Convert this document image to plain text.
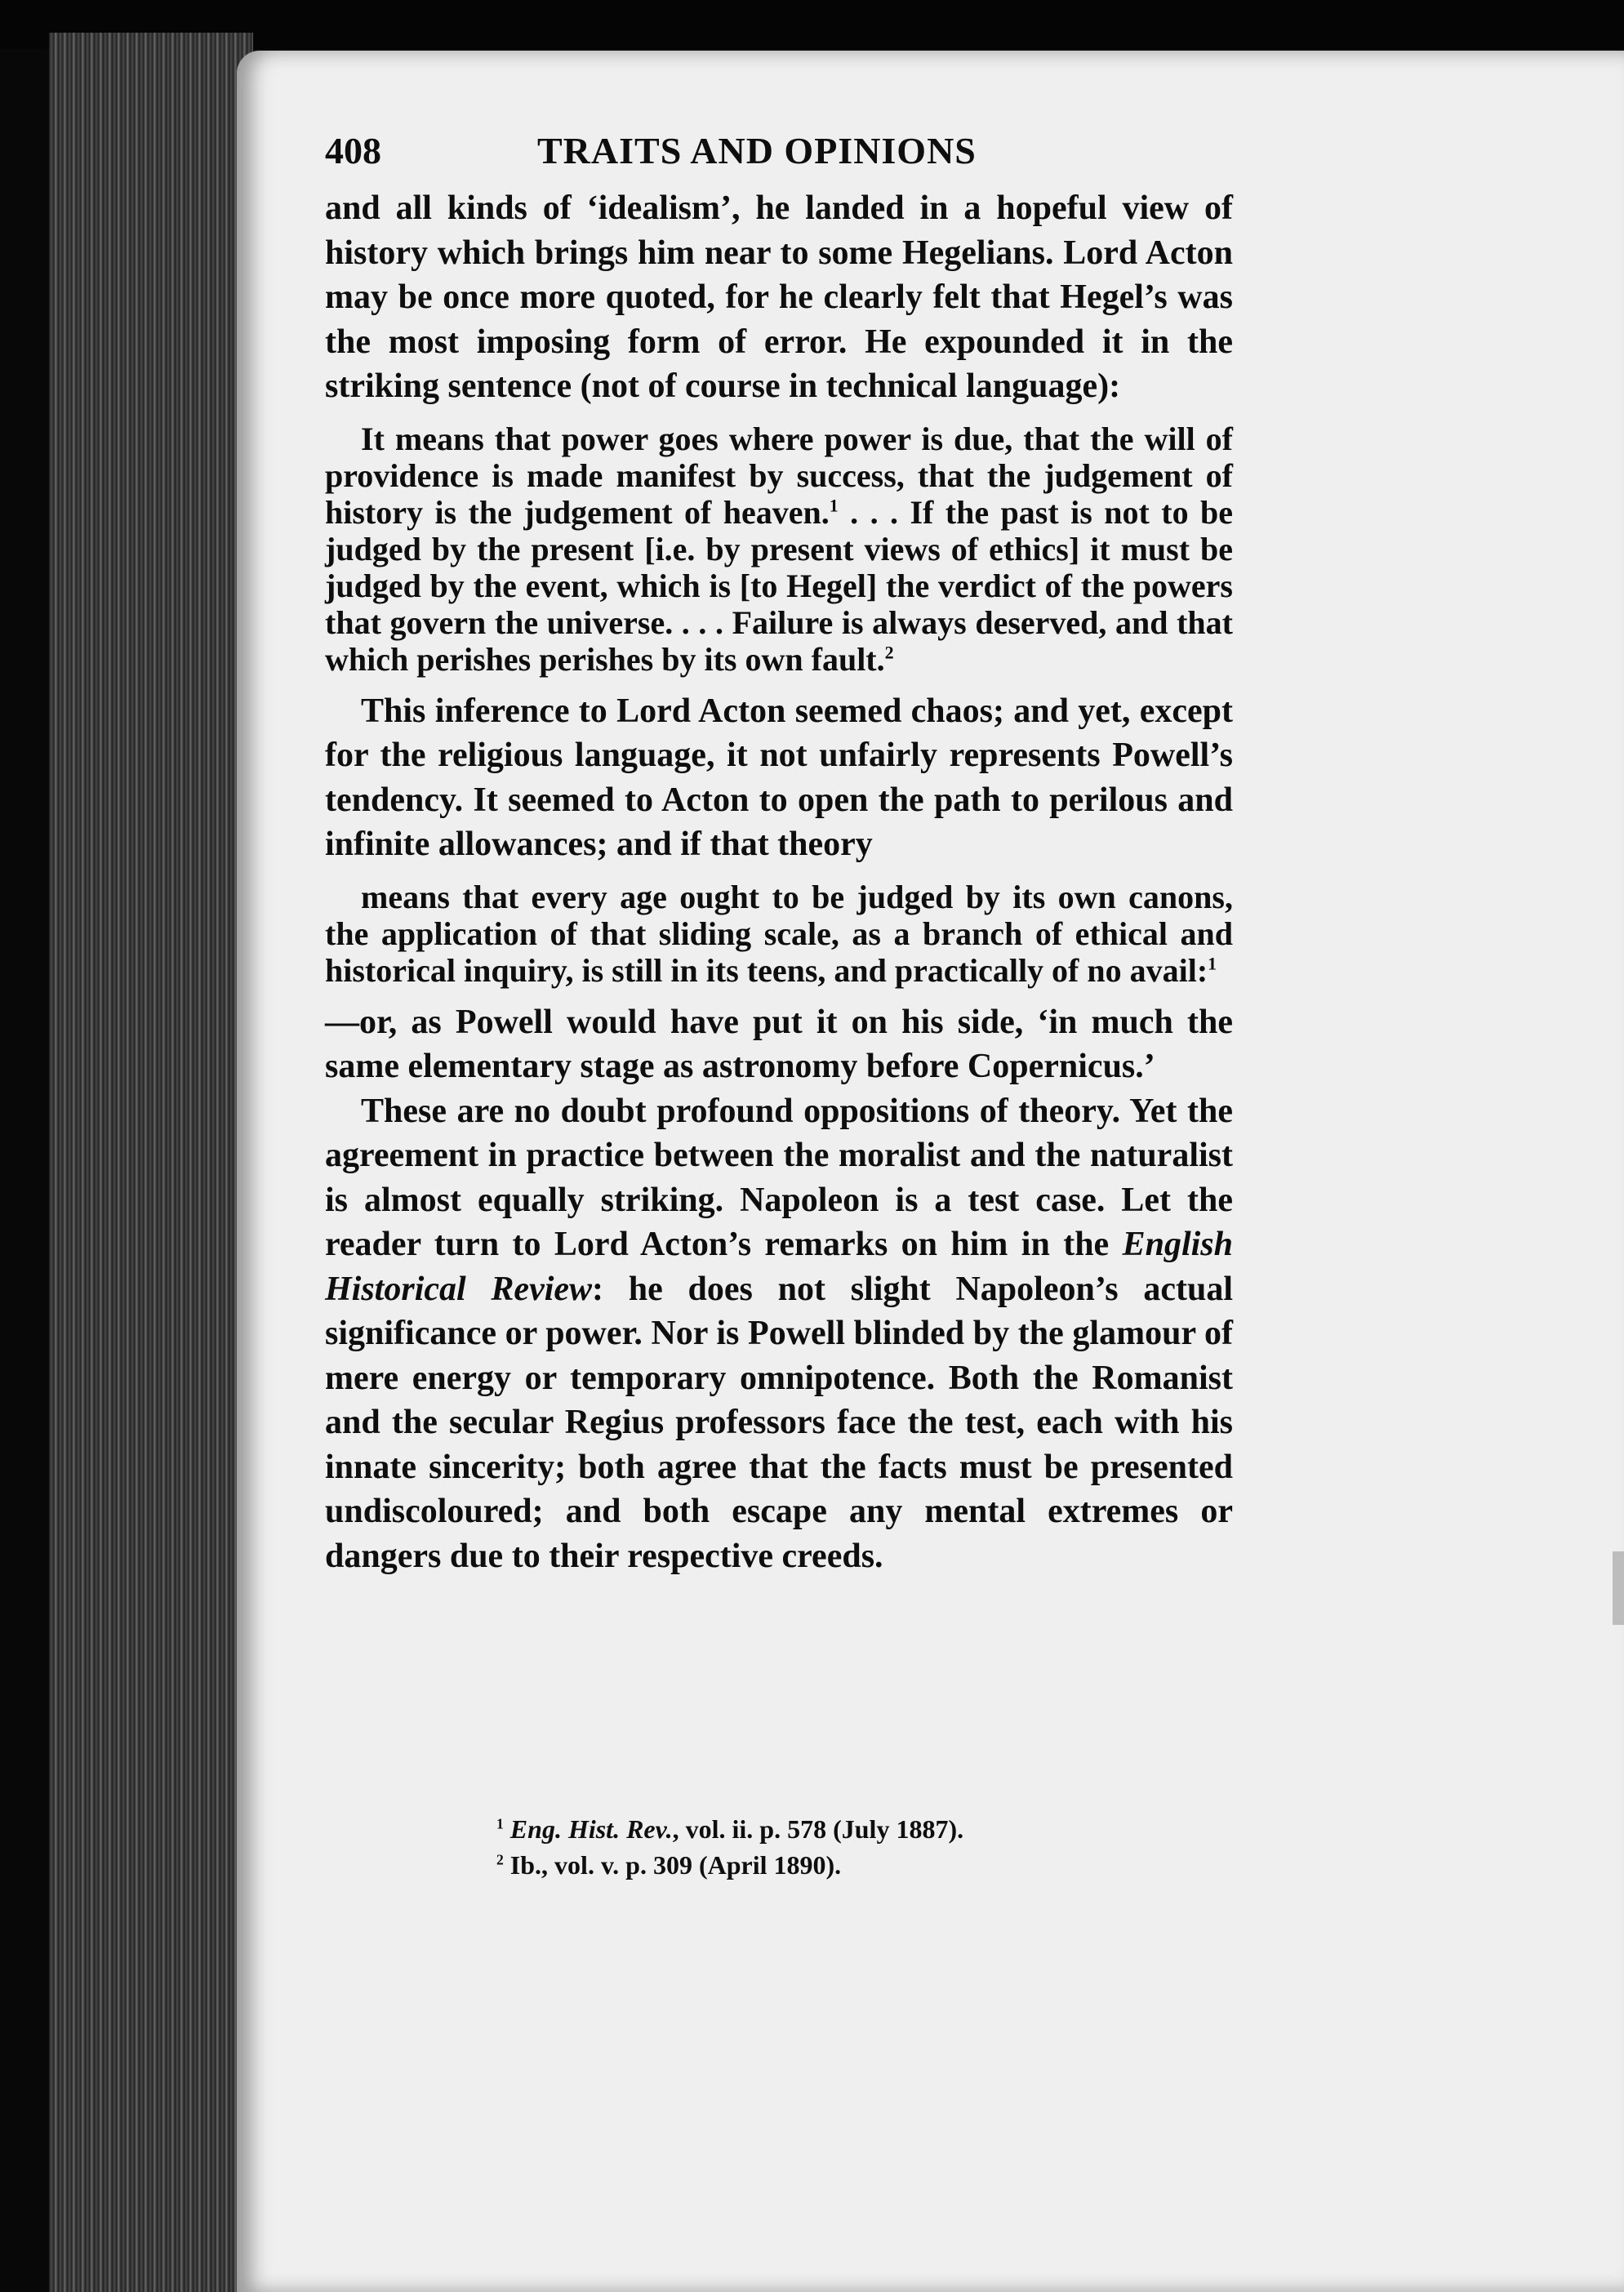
408	TRAITS AND OPINIONS

and all kinds of ‘idealism’, he landed in a hopeful view of history which brings him near to some Hegelians. Lord Acton may be once more quoted, for he clearly felt that Hegel’s was the most imposing form of error. He expounded it in the striking sentence (not of course in technical language):

It means that power goes where power is due, that the will of providence is made manifest by success, that the judgement of history is the judgement of heaven.$^1$ . . . If the past is not to be judged by the present [i.e. by present views of ethics] it must be judged by the event, which is [to Hegel] the verdict of the powers that govern the universe. . . . Failure is always deserved, and that which perishes perishes by its own fault.$^2$

This inference to Lord Acton seemed chaos; and yet, except for the religious language, it not unfairly represents Powell’s tendency. It seemed to Acton to open the path to perilous and infinite allowances; and if that theory

means that every age ought to be judged by its own canons, the application of that sliding scale, as a branch of ethical and historical inquiry, is still in its teens, and practically of no avail:$^1$

—or, as Powell would have put it on his side, ‘in much the same elementary stage as astronomy before Copernicus.’

These are no doubt profound oppositions of theory. Yet the agreement in practice between the moralist and the naturalist is almost equally striking. Napoleon is a test case. Let the reader turn to Lord Acton’s remarks on him in the English Historical Review: he does not slight Napoleon’s actual significance or power. Nor is Powell blinded by the glamour of mere energy or temporary omnipotence. Both the Romanist and the secular Regius professors face the test, each with his innate sincerity; both agree that the facts must be presented undiscoloured; and both escape any mental extremes or dangers due to their respective creeds.

$^1$ Eng. Hist. Rev., vol. ii. p. 578 (July 1887).

$^2$ Ib., vol. v. p. 309 (April 1890).
